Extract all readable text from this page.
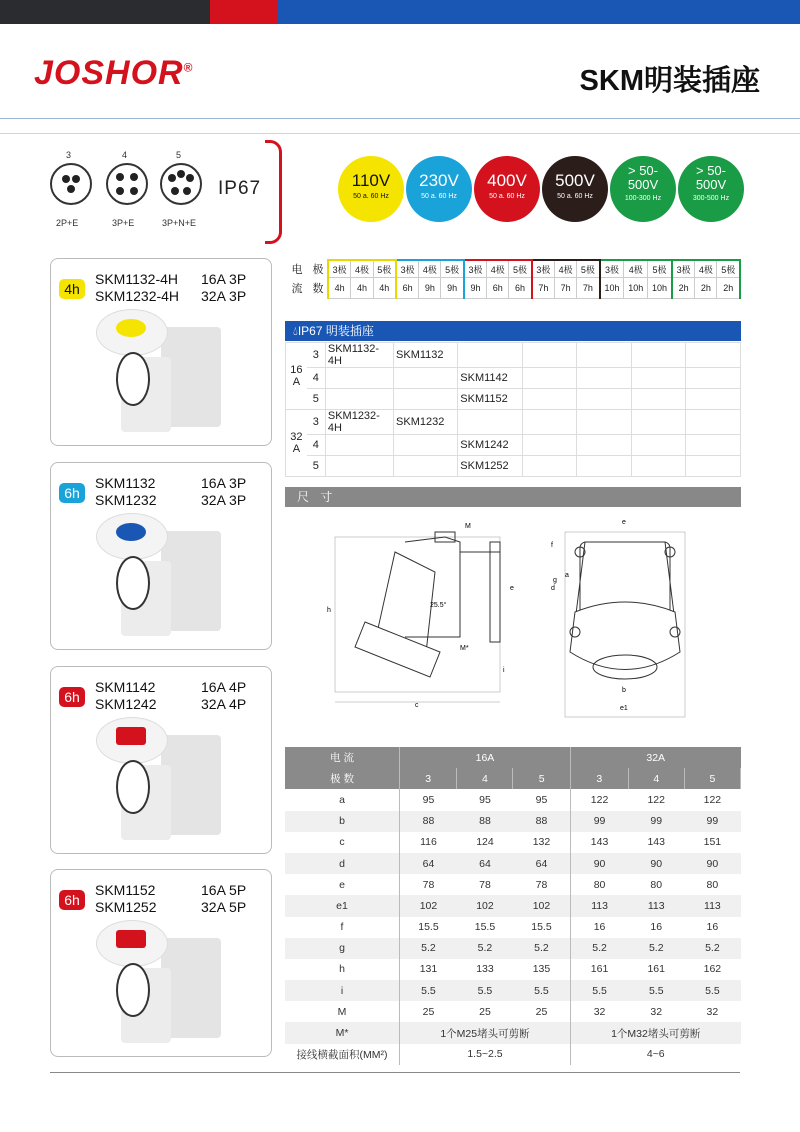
JOSHOR®	SKM明装插座
3
2P+E
4
3P+E
5
3P+N+E
IP67	110V
50 a. 60 Hz
230V
50 a. 60 Hz
400V
50 a. 60 Hz
500V
50 a. 60 Hz
> 50-
500V
100-300 Hz
> 50-
500V
300-500 Hz
4h
SKM1132-4H
SKM1232-4H
16A 3P
32A 3P
6h
SKM1132
SKM1232
16A 3P
32A 3P
6h
SKM1142
SKM1242
16A 4P
32A 4P
6h
SKM1152
SKM1252
16A 5P
32A 5P
电	极	3极	4极	5极	3极	4极	5极	3极	4极	5极	3极	4极	5极	3极	4极	5极	3极	4极	5极
流	数	4h	4h	4h	6h	9h	9h	9h	6h	6h	7h	7h	7h	10h	10h	10h	2h	2h	2h
💧︎IP67 明装插座
16
A	3	SKM1132-4H	SKM1132					
	4			SKM1142				
	5			SKM1152				
32
A	3	SKM1232-4H	SKM1232					
	4			SKM1242				
	5			SKM1252				
尺 寸
M
25.5°
M*
h
c
e
i
e
f
d
g
a
b
e1
电 流	16A			32A		
极 数	3	4	5	3	4	5
a	95	95	95	122	122	122
b	88	88	88	99	99	99
c	116	124	132	143	143	151
d	64	64	64	90	90	90
e	78	78	78	80	80	80
e1	102	102	102	113	113	113
f	15.5	15.5	15.5	16	16	16
g	5.2	5.2	5.2	5.2	5.2	5.2
h	131	133	135	161	161	162
i	5.5	5.5	5.5	5.5	5.5	5.5
M	25	25	25	32	32	32
M*	1个M25堵头可剪断			1个M32堵头可剪断		
接线横截面积(MM²)	1.5~2.5			4~6		
